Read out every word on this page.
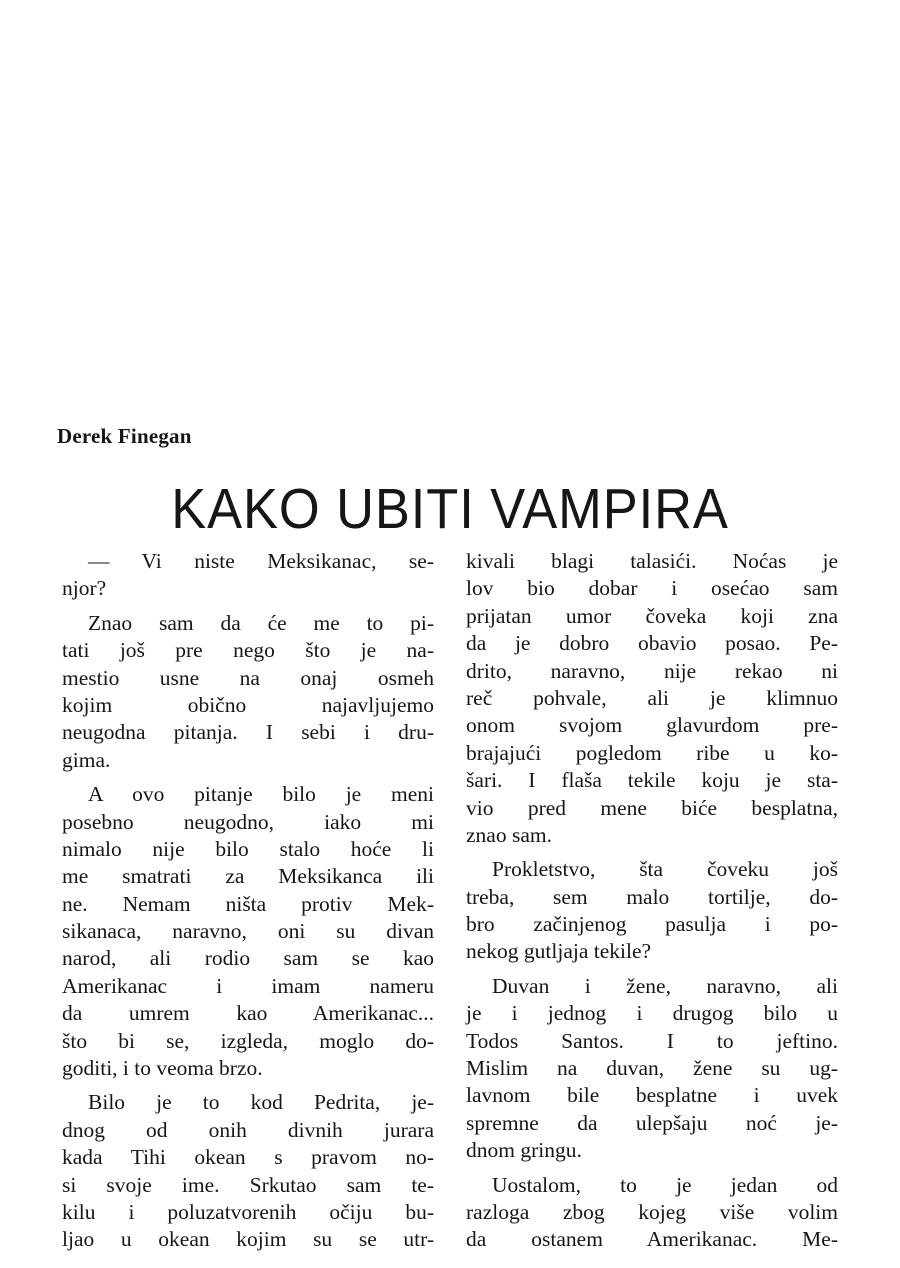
Derek Finegan
KAKO UBITI VAMPIRA
— Vi niste Meksikanac, se-
njor?
Znao sam da će me to pi-
tati još pre nego što je na-
mestio usne na onaj osmeh
kojim obično najavljujemo
neugodna pitanja. I sebi i dru-
gima.
A ovo pitanje bilo je meni
posebno neugodno, iako mi
nimalo nije bilo stalo hoće li
me smatrati za Meksikanca ili
ne. Nemam ništa protiv Mek-
sikanaca, naravno, oni su divan
narod, ali rodio sam se kao
Amerikanac i imam nameru
da umrem kao Amerikanac...
što bi se, izgleda, moglo do-
goditi, i to veoma brzo.
Bilo je to kod Pedrita, je-
dnog od onih divnih jurara
kada Tihi okean s pravom no-
si svoje ime. Srkutao sam te-
kilu i poluzatvorenih očiju bu-
ljao u okean kojim su se utr-
kivali blagi talasići. Noćas je
lov bio dobar i osećao sam
prijatan umor čoveka koji zna
da je dobro obavio posao. Pe-
drito, naravno, nije rekao ni
reč pohvale, ali je klimnuo
onom svojom glavurdom pre-
brajajući pogledom ribe u ko-
šari. I flaša tekile koju je sta-
vio pred mene biće besplatna,
znao sam.
Prokletstvo, šta čoveku još
treba, sem malo tortilje, do-
bro začinjenog pasulja i po-
nekog gutljaja tekile?
Duvan i žene, naravno, ali
je i jednog i drugog bilo u
Todos Santos. I to jeftino.
Mislim na duvan, žene su ug-
lavnom bile besplatne i uvek
spremne da ulepšaju noć je-
dnom gringu.
Uostalom, to je jedan od
razloga zbog kojeg više volim
da ostanem Amerikanac. Me-
